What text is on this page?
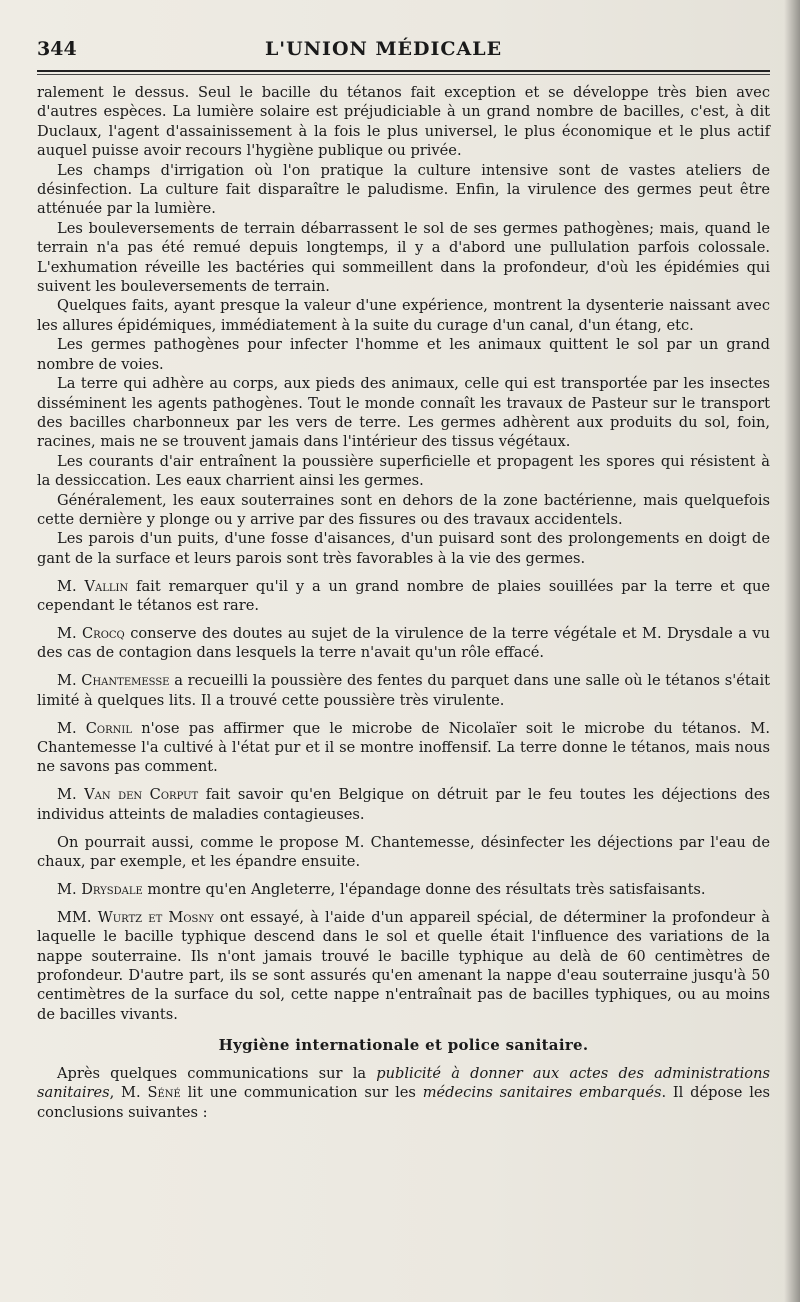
344	L'UNION MÉDICALE

ralement le dessus. Seul le bacille du tétanos fait exception et se développe très bien avec d'autres espèces. La lumière solaire est préjudiciable à un grand nombre de bacilles, c'est, à dit Duclaux, l'agent d'assainissement à la fois le plus universel, le plus économique et le plus actif auquel puisse avoir recours l'hygiène publique ou privée.

Les champs d'irrigation où l'on pratique la culture intensive sont de vastes ateliers de désinfection. La culture fait disparaître le paludisme. Enfin, la virulence des germes peut être atténuée par la lumière.

Les bouleversements de terrain débarrassent le sol de ses germes pathogènes; mais, quand le terrain n'a pas été remué depuis longtemps, il y a d'abord une pullulation parfois colossale. L'exhumation réveille les bactéries qui sommeillent dans la profondeur, d'où les épidémies qui suivent les bouleversements de terrain.

Quelques faits, ayant presque la valeur d'une expérience, montrent la dysenterie naissant avec les allures épidémiques, immédiatement à la suite du curage d'un canal, d'un étang, etc.

Les germes pathogènes pour infecter l'homme et les animaux quittent le sol par un grand nombre de voies.

La terre qui adhère au corps, aux pieds des animaux, celle qui est transportée par les insectes disséminent les agents pathogènes. Tout le monde connaît les travaux de Pasteur sur le transport des bacilles charbonneux par les vers de terre. Les germes adhèrent aux produits du sol, foin, racines, mais ne se trouvent jamais dans l'intérieur des tissus végétaux.

Les courants d'air entraînent la poussière superficielle et propagent les spores qui résistent à la dessiccation. Les eaux charrient ainsi les germes.

Généralement, les eaux souterraines sont en dehors de la zone bactérienne, mais quelquefois cette dernière y plonge ou y arrive par des fissures ou des travaux accidentels.

Les parois d'un puits, d'une fosse d'aisances, d'un puisard sont des prolongements en doigt de gant de la surface et leurs parois sont très favorables à la vie des germes.

M. Vallin fait remarquer qu'il y a un grand nombre de plaies souillées par la terre et que cependant le tétanos est rare.

M. Crocq conserve des doutes au sujet de la virulence de la terre végétale et M. Drysdale a vu des cas de contagion dans lesquels la terre n'avait qu'un rôle effacé.

M. Chantemesse a recueilli la poussière des fentes du parquet dans une salle où le tétanos s'était limité à quelques lits. Il a trouvé cette poussière très virulente.

M. Cornil n'ose pas affirmer que le microbe de Nicolaïer soit le microbe du tétanos. M. Chantemesse l'a cultivé à l'état pur et il se montre inoffensif. La terre donne le tétanos, mais nous ne savons pas comment.

M. Van den Corput fait savoir qu'en Belgique on détruit par le feu toutes les déjections des individus atteints de maladies contagieuses.

On pourrait aussi, comme le propose M. Chantemesse, désinfecter les déjections par l'eau de chaux, par exemple, et les épandre ensuite.

M. Drysdale montre qu'en Angleterre, l'épandage donne des résultats très satisfaisants.

MM. Wurtz et Mosny ont essayé, à l'aide d'un appareil spécial, de déterminer la profondeur à laquelle le bacille typhique descend dans le sol et quelle était l'influence des variations de la nappe souterraine. Ils n'ont jamais trouvé le bacille typhique au delà de 60 centimètres de profondeur. D'autre part, ils se sont assurés qu'en amenant la nappe d'eau souterraine jusqu'à 50 centimètres de la surface du sol, cette nappe n'entraînait pas de bacilles typhiques, ou au moins de bacilles vivants.

Hygiène internationale et police sanitaire.

Après quelques communications sur la publicité à donner aux actes des administrations sanitaires, M. Séné lit une communication sur les médecins sanitaires embarqués. Il dépose les conclusions suivantes :
